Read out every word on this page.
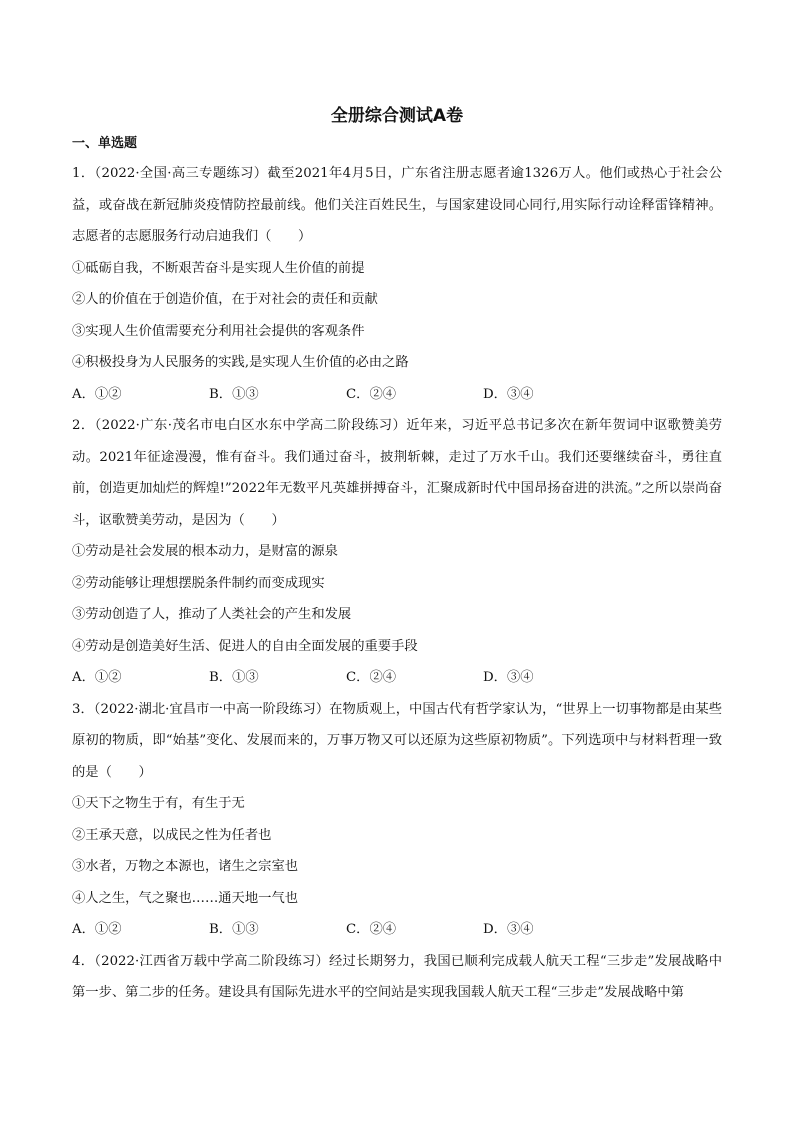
全册综合测试A卷
一、单选题

1．（2022·全国·高三专题练习）截至2021年4月5日，广东省注册志愿者逾1326万人。他们或热心于社会公益，或奋战在新冠肺炎疫情防控最前线。他们关注百姓民生，与国家建设同心同行,用实际行动诠释雷锋精神。志愿者的志愿服务行动启迪我们（　　）

①砥砺自我，不断艰苦奋斗是实现人生价值的前提

②人的价值在于创造价值，在于对社会的责任和贡献

③实现人生价值需要充分利用社会提供的客观条件

④积极投身为人民服务的实践,是实现人生价值的必由之路

A．①②	B．①③	C．②④	D．③④

2．（2022·广东·茂名市电白区水东中学高二阶段练习）近年来，习近平总书记多次在新年贺词中讴歌赞美劳动。2021年征途漫漫，惟有奋斗。我们通过奋斗，披荆斩棘，走过了万水千山。我们还要继续奋斗，勇往直前，创造更加灿烂的辉煌!”2022年无数平凡英雄拼搏奋斗，汇聚成新时代中国昂扬奋进的洪流。”之所以崇尚奋斗，讴歌赞美劳动，是因为（　　）

①劳动是社会发展的根本动力，是财富的源泉

②劳动能够让理想摆脱条件制约而变成现实

③劳动创造了人，推动了人类社会的产生和发展

④劳动是创造美好生活、促进人的自由全面发展的重要手段

A．①②	B．①③	C．②④	D．③④

3．（2022·湖北·宜昌市一中高一阶段练习）在物质观上，中国古代有哲学家认为，“世界上一切事物都是由某些原初的物质，即“始基”变化、发展而来的，万事万物又可以还原为这些原初物质”。下列选项中与材料哲理一致的是（　　）

①天下之物生于有，有生于无

②王承天意，以成民之性为任者也

③水者，万物之本源也，诸生之宗室也

④人之生，气之聚也……通天地一气也

A．①②	B．①③	C．②④	D．③④

4．（2022·江西省万载中学高二阶段练习）经过长期努力，我国已顺利完成载人航天工程“三步走”发展战略中第一步、第二步的任务。建设具有国际先进水平的空间站是实现我国载人航天工程“三步走”发展战略中第
